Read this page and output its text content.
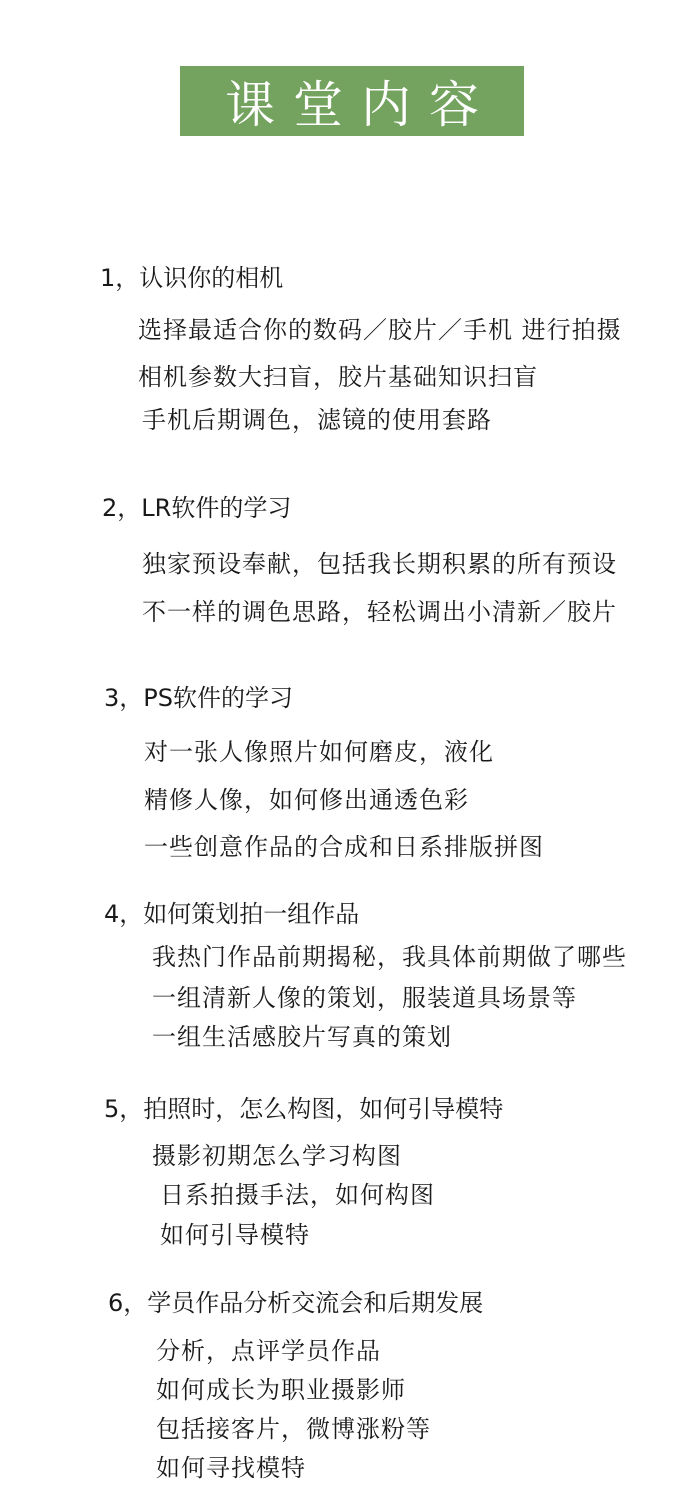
课堂内容
1，认识你的相机
选择最适合你的数码／胶片／手机 进行拍摄
相机参数大扫盲，胶片基础知识扫盲
手机后期调色，滤镜的使用套路
2，LR软件的学习
独家预设奉献，包括我长期积累的所有预设
不一样的调色思路，轻松调出小清新／胶片
3，PS软件的学习
对一张人像照片如何磨皮，液化
精修人像，如何修出通透色彩
一些创意作品的合成和日系排版拼图
4，如何策划拍一组作品
我热门作品前期揭秘，我具体前期做了哪些
一组清新人像的策划，服装道具场景等
一组生活感胶片写真的策划
5，拍照时，怎么构图，如何引导模特
摄影初期怎么学习构图
日系拍摄手法，如何构图
如何引导模特
6，学员作品分析交流会和后期发展
分析，点评学员作品
如何成长为职业摄影师
包括接客片，微博涨粉等
如何寻找模特
